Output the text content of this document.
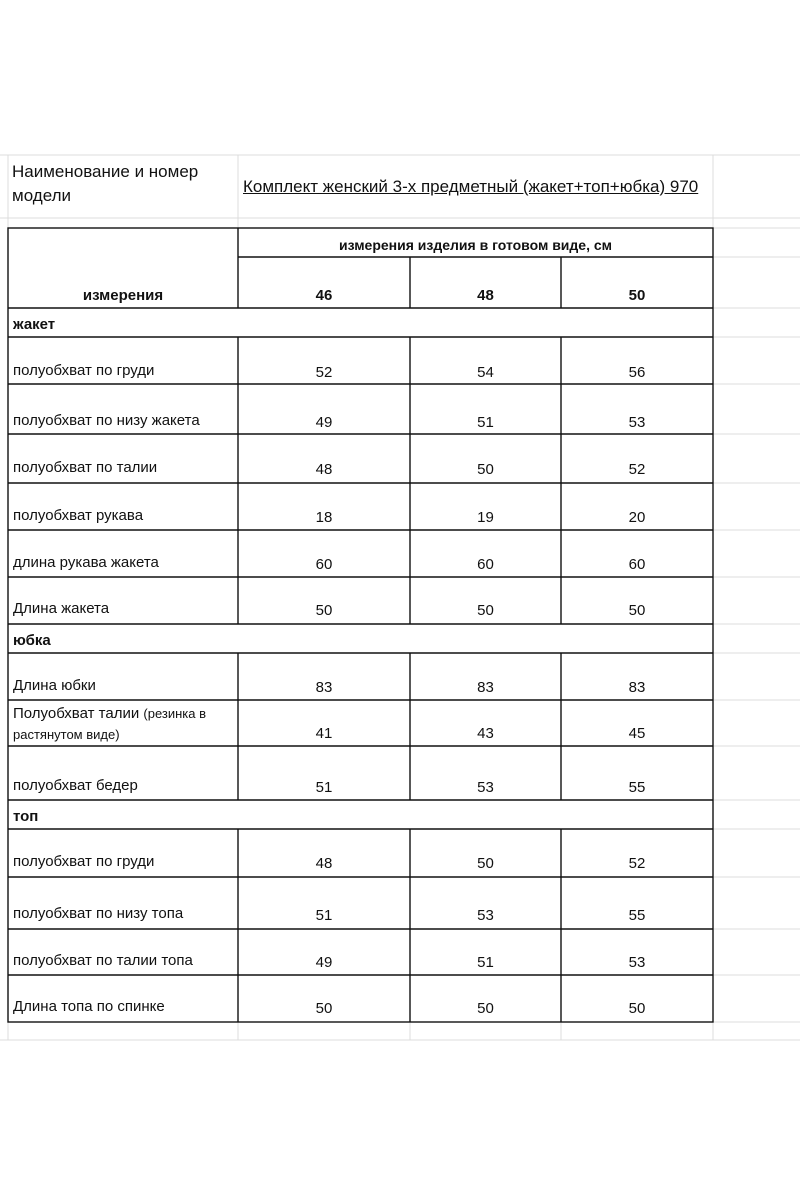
Наименование и номер
модели	Комплект женский 3-х предметный (жакет+топ+юбка) 970
измерения изделия в готовом виде, см
измерения	46	48	50
жакет
полуобхват по груди	52	54	56
полуобхват по низу жакета	49	51	53
полуобхват по талии	48	50	52
полуобхват рукава	18	19	20
длина рукава жакета	60	60	60
Длина жакета	50	50	50
юбка
Длина юбки	83	83	83
Полуобхват талии (резинка в
растянутом виде)	41	43	45
полуобхват бедер	51	53	55
топ
полуобхват по груди	48	50	52
полуобхват по низу топа	51	53	55
полуобхват по талии топа	49	51	53
Длина топа по спинке	50	50	50
